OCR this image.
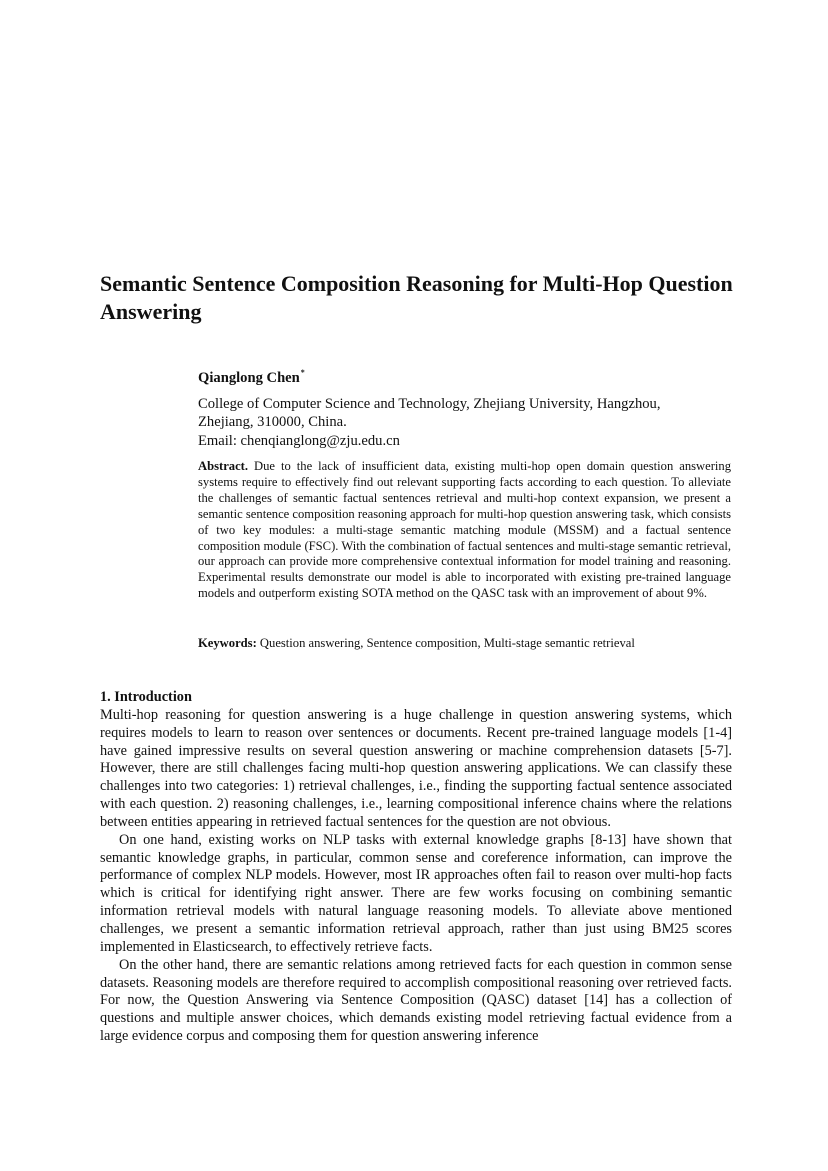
Semantic Sentence Composition Reasoning for Multi-Hop Question Answering

Qianglong Chen*

College of Computer Science and Technology, Zhejiang University, Hangzhou,

Zhejiang, 310000, China.

Email: chenqianglong@zju.edu.cn

Abstract. Due to the lack of insufficient data, existing multi-hop open domain question answering systems require to effectively find out relevant supporting facts according to each question. To alleviate the challenges of semantic factual sentences retrieval and multi-hop context expansion, we present a semantic sentence composition reasoning approach for multi-hop question answering task, which consists of two key modules: a multi-stage semantic matching module (MSSM) and a factual sentence composition module (FSC). With the combination of factual sentences and multi-stage semantic retrieval, our approach can provide more comprehensive contextual information for model training and reasoning. Experimental results demonstrate our model is able to incorporated with existing pre-trained language models and outperform existing SOTA method on the QASC task with an improvement of about 9%.

Keywords: Question answering, Sentence composition, Multi-stage semantic retrieval

1. Introduction

Multi-hop reasoning for question answering is a huge challenge in question answering systems, which requires models to learn to reason over sentences or documents. Recent pre-trained language models [1-4] have gained impressive results on several question answering or machine comprehension datasets [5-7]. However, there are still challenges facing multi-hop question answering applications. We can classify these challenges into two categories: 1) retrieval challenges, i.e., finding the supporting factual sentence associated with each question. 2) reasoning challenges, i.e., learning compositional inference chains where the relations between entities appearing in retrieved factual sentences for the question are not obvious.

On one hand, existing works on NLP tasks with external knowledge graphs [8-13] have shown that semantic knowledge graphs, in particular, common sense and coreference information, can improve the performance of complex NLP models. However, most IR approaches often fail to reason over multi-hop facts which is critical for identifying right answer. There are few works focusing on combining semantic information retrieval models with natural language reasoning models. To alleviate above mentioned challenges, we present a semantic information retrieval approach, rather than just using BM25 scores implemented in Elasticsearch, to effectively retrieve facts.

On the other hand, there are semantic relations among retrieved facts for each question in common sense datasets. Reasoning models are therefore required to accomplish compositional reasoning over retrieved facts. For now, the Question Answering via Sentence Composition (QASC) dataset [14] has a collection of questions and multiple answer choices, which demands existing model retrieving factual evidence from a large evidence corpus and composing them for question answering inference
